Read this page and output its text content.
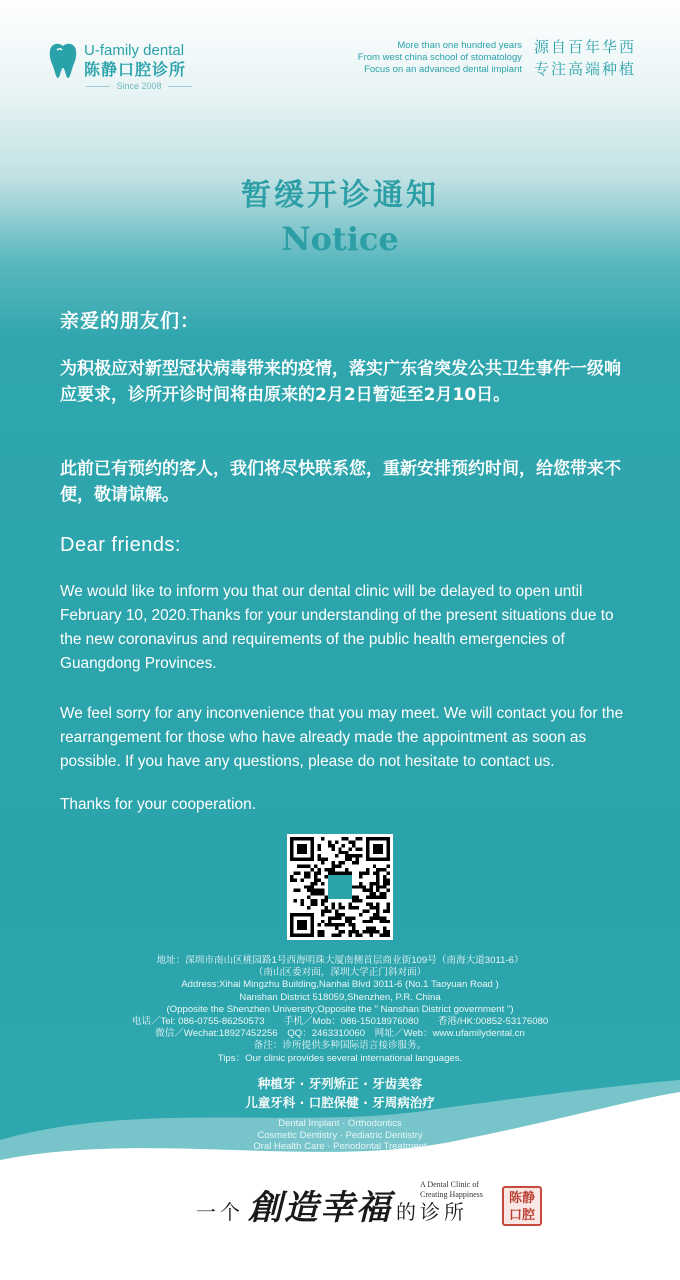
U-family dental
陈静口腔诊所
Since 2008
More than one hundred years
From west china school of stomatology
Focus on an advanced dental implant
源自百年华西
专注高端种植
暂缓开诊通知
Notice
亲爱的朋友们：
为积极应对新型冠状病毒带来的疫情，落实广东省突发公共卫生事件一级响应要求，诊所开诊时间将由原来的2月2日暂延至2月10日。
此前已有预约的客人，我们将尽快联系您，重新安排预约时间，给您带来不便，敬请谅解。
Dear friends:
We would like to inform you that our dental clinic will be delayed to open until February 10, 2020.Thanks for your understanding of the present situations due to the new coronavirus and requirements of the public health emergencies of Guangdong Provinces.
We feel sorry for any inconvenience that you may meet. We will contact you for the rearrangement for those who have already made the appointment as soon as possible. If you have any questions, please do not hesitate to contact us.
Thanks for your cooperation.
地址：深圳市南山区桃园路1号西海明珠大厦南侧首层商业街109号（南海大道3011-6）
（南山区委对面，深圳大学正门斜对面）
Address:Xihai Mingzhu Building,Nanhai Blvd 3011-6 (No.1 Taoyuan Road )
Nanshan District 518059,Shenzhen, P.R. China
(Opposite the Shenzhen University;Opposite the " Nanshan District government ")
电话／Tel: 086-0755-86250573　　手机／Mob：086-15018976080　　香港/HK:00852-53176080
微信／Wechat:18927452256　QQ：2463310060　网址／Web：www.ufamilydental.cn
备注：诊所提供多种国际语言接诊服务。
Tips：Our clinic provides several international languages.
种植牙 · 牙列矫正 · 牙齿美容
儿童牙科 · 口腔保健 · 牙周病治疗
Dental Implant · Orthodontics
Cosmetic Dentistry · Pediatric Dentistry
Oral Health Care · Periodontal Treatment
一个 創造幸福 的诊所
A Dental Clinic of
Creating Happiness	陈静口腔
